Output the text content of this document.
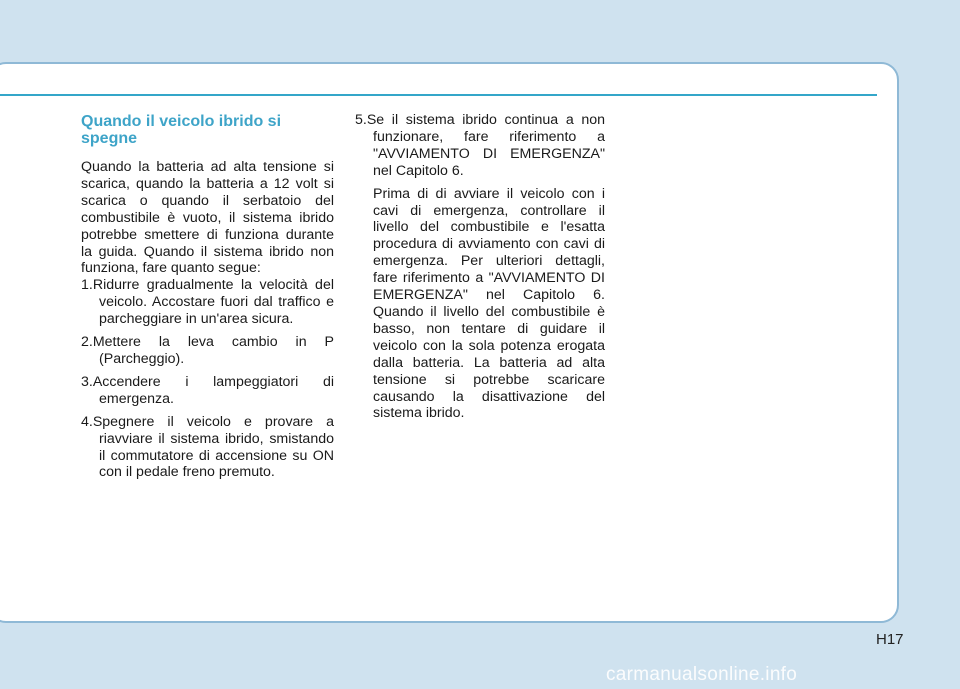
Quando il veicolo ibrido si spegne

Quando la batteria ad alta tensione si scarica, quando la batteria a 12 volt si scarica o quando il serbatoio del combustibile è vuoto, il sistema ibrido potrebbe smettere di funziona durante la guida. Quando il sistema ibrido non funziona, fare quanto segue:

1.Ridurre gradualmente la velocità del veicolo. Accostare fuori dal traffico e parcheggiare in un'area sicura.
2.Mettere la leva cambio in P (Parcheggio).
3.Accendere i lampeggiatori di emergenza.
4.Spegnere il veicolo e provare a riavviare il sistema ibrido, smistando il commutatore di accensione su ON con il pedale freno premuto.
5.Se il sistema ibrido continua a non funzionare, fare riferimento a "AVVIAMENTO DI EMERGENZA" nel Capitolo 6.

Prima di di avviare il veicolo con i cavi di emergenza, controllare il livello del combustibile e l'esatta procedura di avviamento con cavi di emergenza. Per ulteriori dettagli, fare riferimento a "AVVIAMENTO DI EMERGENZA" nel Capitolo 6. Quando il livello del combustibile è basso, non tentare di guidare il veicolo con la sola potenza erogata dalla batteria. La batteria ad alta tensione si potrebbe scaricare causando la disattivazione del sistema ibrido.

H17
carmanualsonline.info
